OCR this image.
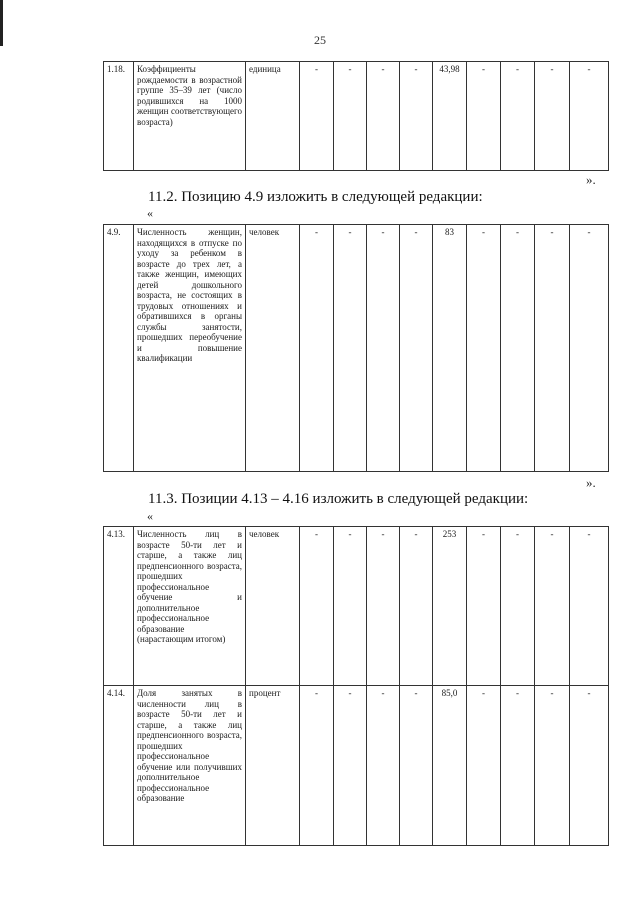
25
1.18.	Коэффициенты рождаемости в возрастной группе 35–39 лет (число родившихся на 1000 женщин соответствующего возраста)	единица	-	-	-	-	43,98	-	-	-	-
».
11.2. Позицию 4.9 изложить в следующей редакции:
«
4.9.	Численность женщин, находящихся в отпуске по уходу за ребенком в возрасте до трех лет, а также женщин, имеющих детей дошкольного возраста, не состоящих в трудовых отношениях и обратившихся в органы службы занятости, прошедших переобучение и повышение квалификации	человек	-	-	-	-	83	-	-	-	-
».
11.3. Позиции 4.13 – 4.16 изложить в следующей редакции:
«
4.13.	Численность лиц в возрасте 50-ти лет и старше, а также лиц предпенсионного возраста, прошедших профессиональное обучение и дополнительное профессиональное образование (нарастающим итогом)	человек	-	-	-	-	253	-	-	-	-
4.14.	Доля занятых в численности лиц в возрасте 50-ти лет и старше, а также лиц предпенсионного возраста, прошедших профессиональное обучение или получивших дополнительное профессиональное образование	процент	-	-	-	-	85,0	-	-	-	-
